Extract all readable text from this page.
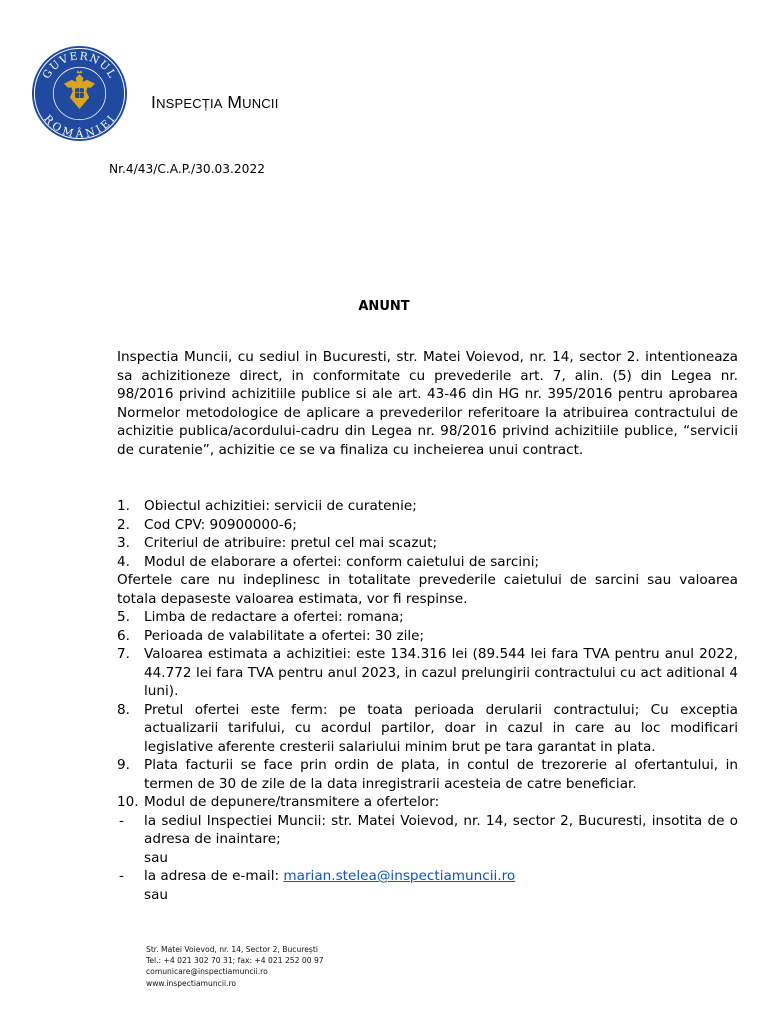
GUVERNUL
ROMÂNIEI
INSPECȚIA MUNCII
Nr.4/43/C.A.P./30.03.2022
ANUNT
Inspectia Muncii, cu sediul in Bucuresti, str. Matei Voievod, nr. 14, sector 2. intentioneaza sa achizitioneze direct, in conformitate cu prevederile art. 7, alin. (5) din Legea nr. 98/2016 privind achizitiile publice si ale art. 43-46 din HG nr. 395/2016 pentru aprobarea Normelor metodologice de aplicare a prevederilor referitoare la atribuirea contractului de achizitie publica/acordului-cadru din Legea nr. 98/2016 privind achizitiile publice, “servicii de curatenie”, achizitie ce se va finaliza cu incheierea unui contract.
1.	Obiectul achizitiei: servicii de curatenie;
2.	Cod CPV: 90900000-6;
3.	Criteriul de atribuire: pretul cel mai scazut;
4.	Modul de elaborare a ofertei: conform caietului de sarcini;
Ofertele care nu indeplinesc in totalitate prevederile caietului de sarcini sau valoarea totala depaseste valoarea estimata, vor fi respinse.
5.	Limba de redactare a ofertei: romana;
6.	Perioada de valabilitate a ofertei: 30 zile;
7.	Valoarea estimata a achizitiei: este 134.316 lei (89.544 lei fara TVA pentru anul 2022, 44.772 lei fara TVA pentru anul 2023, in cazul prelungirii contractului cu act aditional 4 luni).
8.	Pretul ofertei este ferm: pe toata perioada derularii contractului; Cu exceptia actualizarii tarifului, cu acordul partilor, doar in cazul in care au loc modificari legislative aferente cresterii salariului minim brut pe tara garantat in plata.
9.	Plata facturii se face prin ordin de plata, in contul de trezorerie al ofertantului, in termen de 30 de zile de la data inregistrarii acesteia de catre beneficiar.
10. Modul de depunere/transmitere a ofertelor:
-	la sediul Inspectiei Muncii: str. Matei Voievod, nr. 14, sector 2, Bucuresti, insotita de o adresa de inaintare;
sau
-	la adresa de e-mail: marian.stelea@inspectiamuncii.ro
sau
Str. Matei Voievod, nr. 14, Sector 2, București
Tel.: +4 021 302 70 31; fax: +4 021 252 00 97
comunicare@inspectiamuncii.ro
www.inspectiamuncii.ro
